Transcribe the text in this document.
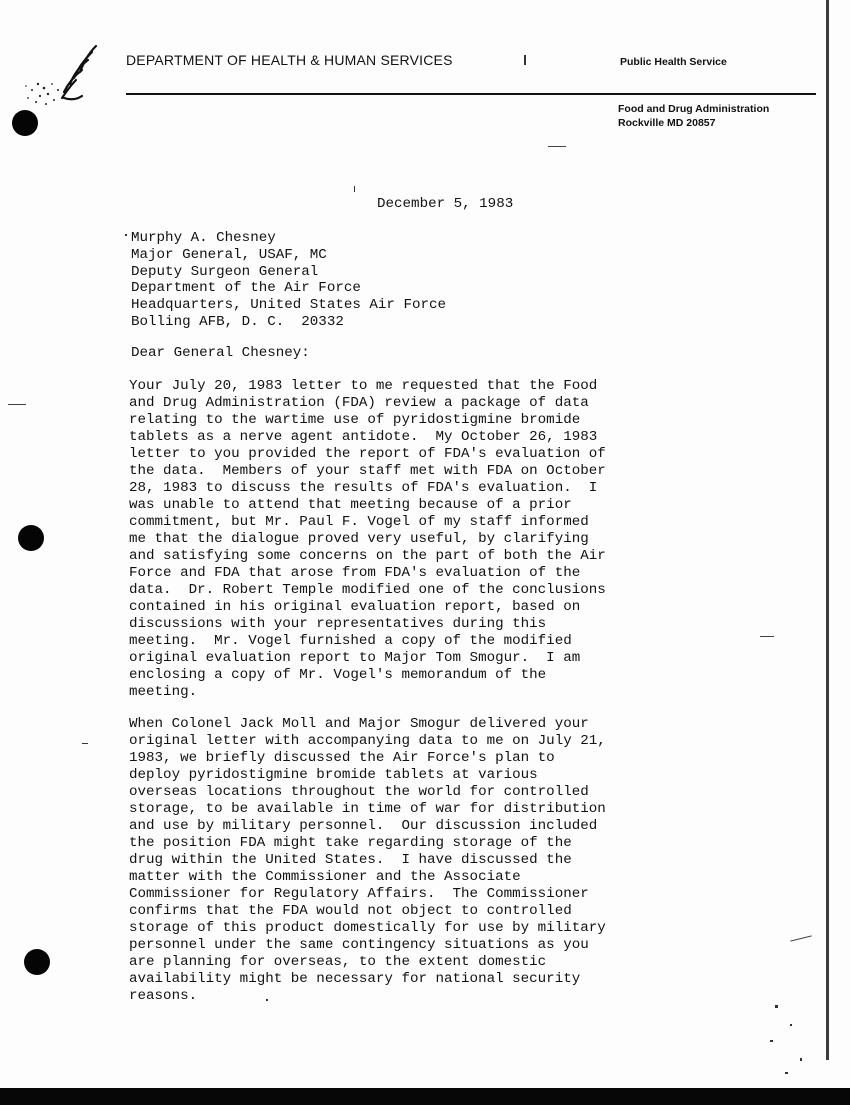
DEPARTMENT OF HEALTH & HUMAN SERVICES	Public Health Service
Food and Drug Administration
Rockville MD 20857
December 5, 1983
Murphy A. Chesney
Major General, USAF, MC
Deputy Surgeon General
Department of the Air Force
Headquarters, United States Air Force
Bolling AFB, D. C.  20332
Dear General Chesney:
Your July 20, 1983 letter to me requested that the Food
and Drug Administration (FDA) review a package of data
relating to the wartime use of pyridostigmine bromide
tablets as a nerve agent antidote.  My October 26, 1983
letter to you provided the report of FDA's evaluation of
the data.  Members of your staff met with FDA on October
28, 1983 to discuss the results of FDA's evaluation.  I
was unable to attend that meeting because of a prior
commitment, but Mr. Paul F. Vogel of my staff informed
me that the dialogue proved very useful, by clarifying
and satisfying some concerns on the part of both the Air
Force and FDA that arose from FDA's evaluation of the
data.  Dr. Robert Temple modified one of the conclusions
contained in his original evaluation report, based on
discussions with your representatives during this
meeting.  Mr. Vogel furnished a copy of the modified
original evaluation report to Major Tom Smogur.  I am
enclosing a copy of Mr. Vogel's memorandum of the
meeting.
When Colonel Jack Moll and Major Smogur delivered your
original letter with accompanying data to me on July 21,
1983, we briefly discussed the Air Force's plan to
deploy pyridostigmine bromide tablets at various
overseas locations throughout the world for controlled
storage, to be available in time of war for distribution
and use by military personnel.  Our discussion included
the position FDA might take regarding storage of the
drug within the United States.  I have discussed the
matter with the Commissioner and the Associate
Commissioner for Regulatory Affairs.  The Commissioner
confirms that the FDA would not object to controlled
storage of this product domestically for use by military
personnel under the same contingency situations as you
are planning for overseas, to the extent domestic
availability might be necessary for national security
reasons.
